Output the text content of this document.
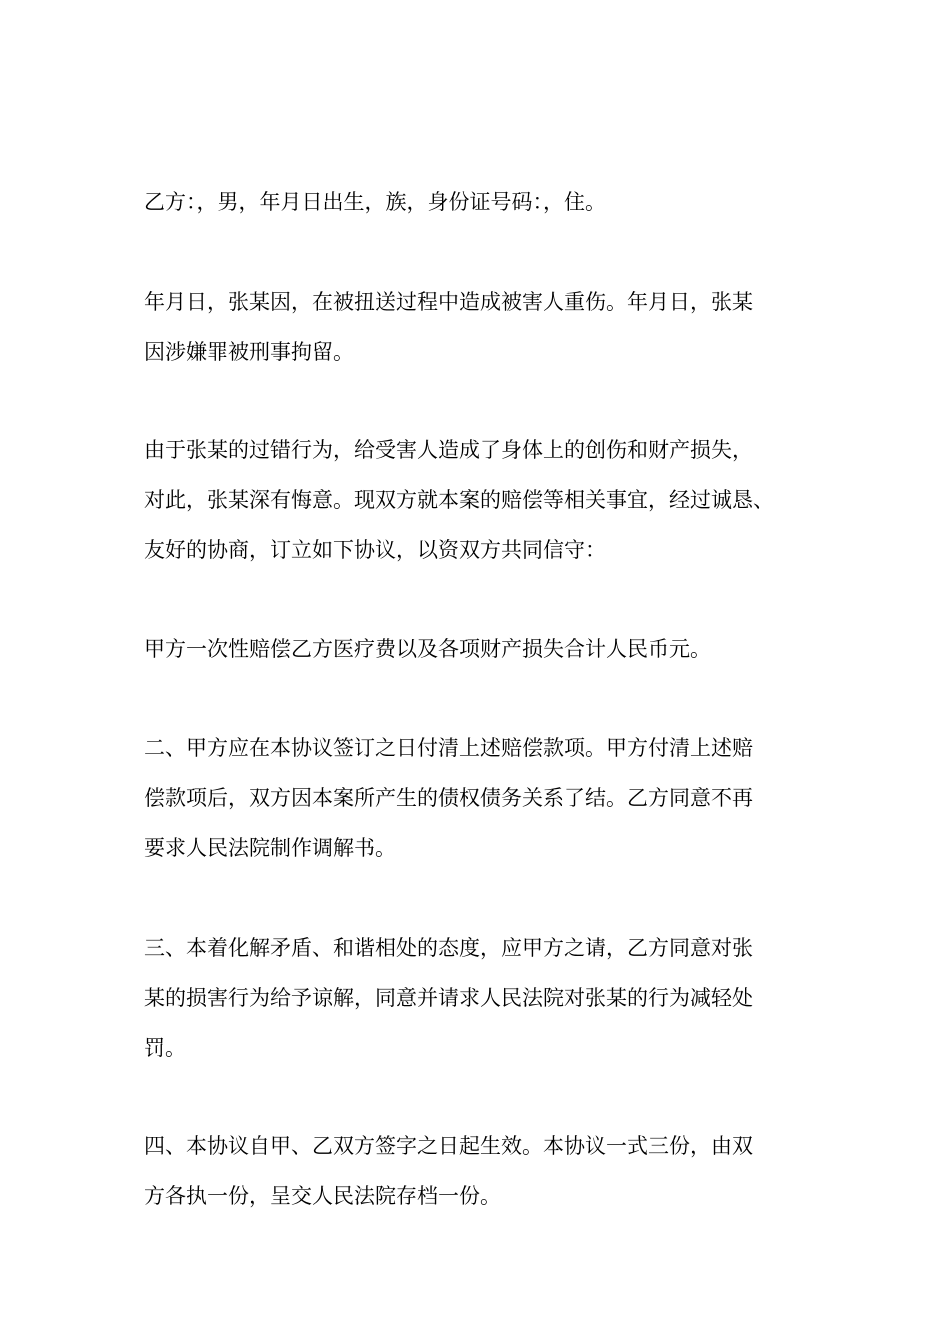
乙方：，男，年月日出生，族，身份证号码：，住。

年月日，张某因，在被扭送过程中造成被害人重伤。年月日，张某

因涉嫌罪被刑事拘留。

由于张某的过错行为，给受害人造成了身体上的创伤和财产损失，

对此，张某深有悔意。现双方就本案的赔偿等相关事宜，经过诚恳、

友好的协商，订立如下协议，以资双方共同信守：

甲方一次性赔偿乙方医疗费以及各项财产损失合计人民币元。

二、甲方应在本协议签订之日付清上述赔偿款项。甲方付清上述赔

偿款项后，双方因本案所产生的债权债务关系了结。乙方同意不再

要求人民法院制作调解书。

三、本着化解矛盾、和谐相处的态度，应甲方之请，乙方同意对张

某的损害行为给予谅解，同意并请求人民法院对张某的行为减轻处

罚。

四、本协议自甲、乙双方签字之日起生效。本协议一式三份，由双

方各执一份，呈交人民法院存档一份。
